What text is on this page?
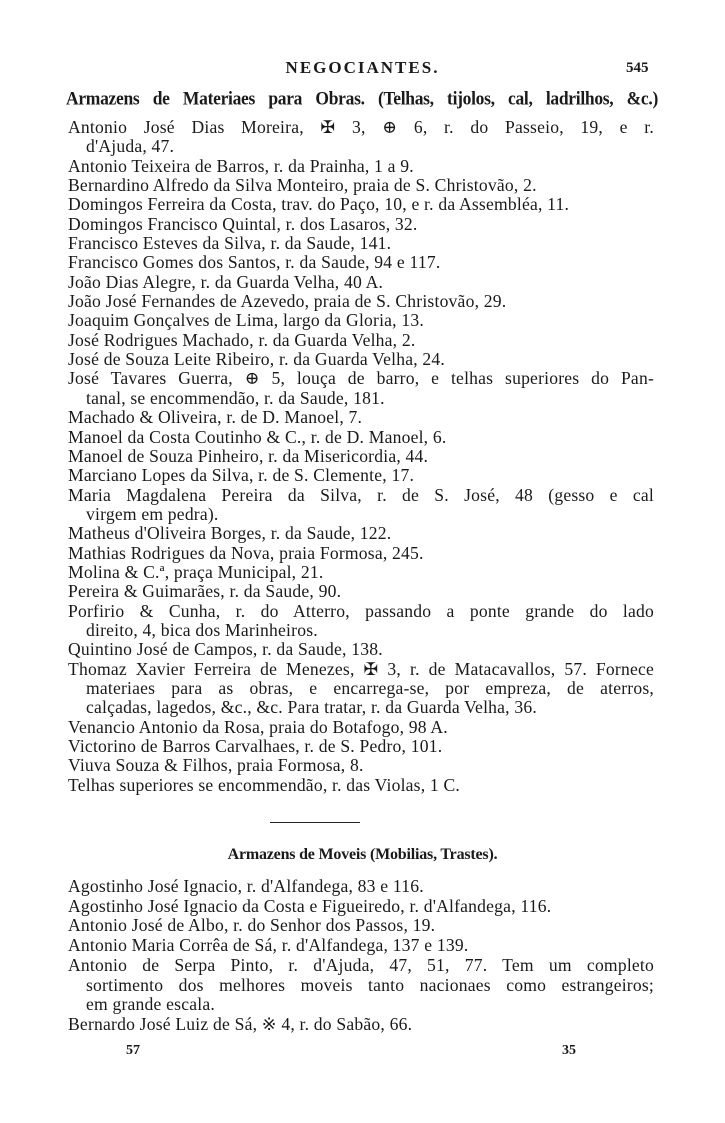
NEGOCIANTES.	545
Armazens de Materiaes para Obras. (Telhas, tijolos, cal, ladrilhos, &c.)
Antonio José Dias Moreira, ✠ 3, ⊕ 6, r. do Passeio, 19, e r.
d'Ajuda, 47.
Antonio Teixeira de Barros, r. da Prainha, 1 a 9.
Bernardino Alfredo da Silva Monteiro, praia de S. Christovão, 2.
Domingos Ferreira da Costa, trav. do Paço, 10, e r. da Assembléa, 11.
Domingos Francisco Quintal, r. dos Lasaros, 32.
Francisco Esteves da Silva, r. da Saude, 141.
Francisco Gomes dos Santos, r. da Saude, 94 e 117.
João Dias Alegre, r. da Guarda Velha, 40 A.
João José Fernandes de Azevedo, praia de S. Christovão, 29.
Joaquim Gonçalves de Lima, largo da Gloria, 13.
José Rodrigues Machado, r. da Guarda Velha, 2.
José de Souza Leite Ribeiro, r. da Guarda Velha, 24.
José Tavares Guerra, ⊕ 5, louça de barro, e telhas superiores do Pan-
tanal, se encommendão, r. da Saude, 181.
Machado & Oliveira, r. de D. Manoel, 7.
Manoel da Costa Coutinho & C., r. de D. Manoel, 6.
Manoel de Souza Pinheiro, r. da Misericordia, 44.
Marciano Lopes da Silva, r. de S. Clemente, 17.
Maria Magdalena Pereira da Silva, r. de S. José, 48 (gesso e cal
virgem em pedra).
Matheus d'Oliveira Borges, r. da Saude, 122.
Mathias Rodrigues da Nova, praia Formosa, 245.
Molina & C.ª, praça Municipal, 21.
Pereira & Guimarães, r. da Saude, 90.
Porfirio & Cunha, r. do Atterro, passando a ponte grande do lado
direito, 4, bica dos Marinheiros.
Quintino José de Campos, r. da Saude, 138.
Thomaz Xavier Ferreira de Menezes, ✠ 3, r. de Matacavallos, 57. Fornece
materiaes para as obras, e encarrega-se, por empreza, de aterros,
calçadas, lagedos, &c., &c. Para tratar, r. da Guarda Velha, 36.
Venancio Antonio da Rosa, praia do Botafogo, 98 A.
Victorino de Barros Carvalhaes, r. de S. Pedro, 101.
Viuva Souza & Filhos, praia Formosa, 8.
Telhas superiores se encommendão, r. das Violas, 1 C.
Armazens de Moveis (Mobilias, Trastes).
Agostinho José Ignacio, r. d'Alfandega, 83 e 116.
Agostinho José Ignacio da Costa e Figueiredo, r. d'Alfandega, 116.
Antonio José de Albo, r. do Senhor dos Passos, 19.
Antonio Maria Corrêa de Sá, r. d'Alfandega, 137 e 139.
Antonio de Serpa Pinto, r. d'Ajuda, 47, 51, 77. Tem um completo
sortimento dos melhores moveis tanto nacionaes como estrangeiros;
em grande escala.
Bernardo José Luiz de Sá, ※ 4, r. do Sabão, 66.
57	35
